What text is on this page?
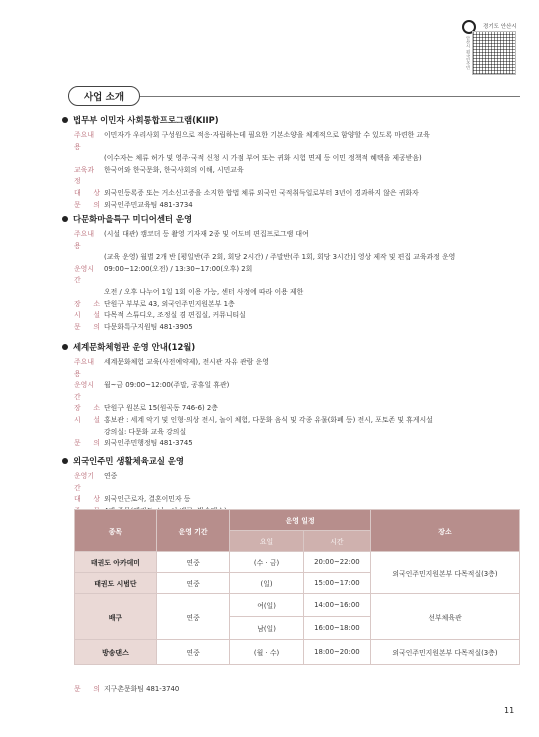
안산시 외국인주민
경기도 안산시
사업 소개
법무부 이민자 사회통합프로그램(KIIP)
주요내용
이민자가 우리사회 구성원으로 적응·자립하는데 필요한 기본소양을 체계적으로 함양할 수 있도록 마련한 교육
(이수자는 체류 허가 및 영주·국적 신청 시 가점 부여 또는 귀화 시험 면제 등 이민 정책적 혜택을 제공받음)
교육과정
한국어와 한국문화, 한국사회의 이해, 시민교육
대 상 외국인등록증 또는 거소신고증을 소지한 합법 체류 외국인 국적취득일로부터 3년이 경과하지 않은 귀화자
문 의 외국인주민교육팀 481-3734
다문화마을특구 미디어센터 운영
주요내용
(시설 대관) 캠코더 등 촬영 기자재 2종 및 어도비 편집프로그램 대여
(교육 운영) 월별 2개 반 [평일반(주 2회, 회당 2시간) / 주말반(주 1회, 회당 3시간)] 영상 제작 및 편집 교육과정 운영
운영시간
09:00~12:00(오전) / 13:30~17:00(오후) 2회
오전 / 오후 나누어 1일 1회 이용 가능, 센터 사정에 따라 이용 제한
장 소 단원구 부부로 43, 외국인주민지원본부 1층
시 설 다목적 스튜디오, 조정실 겸 편집실, 커뮤니티실
문 의 다문화특구지원팀 481-3905
세계문화체험관 운영 안내(12월)
주요내용
세계문화체험 교육(사전예약제), 전시관 자유 관람 운영
운영시간
월~금 09:00~12:00(주말, 공휴일 휴관)
장 소 단원구 원본로 15(원곡동 746-6) 2층
시 설 홍보관 : 세계 악기 및 인형·의상 전시, 놀이 체험, 다문화 음식 및 각종 유물(화폐 등) 전시, 포토존 및 휴게시설
강의실: 다문화 교육 강의실
문 의 외국인주민행정팀 481-3745
외국인주민 생활체육교실 운영
운영기간
연중
대 상 외국인근로자, 결혼이민자 등
종목	운영 기간	운영 일정		장소
		요일	시간	
태권도 아카데미	연중	(수 · 금)	20:00~22:00	외국인주민지원본부 다목적실(3층)
태권도 시범단	연중	(일)	15:00~17:00	
배구	연중	여(일)	14:00~16:00	선부체육관
		남(일)	16:00~18:00	
방송댄스	연중	(월 · 수)	18:00~20:00	외국인주민지원본부 다목적실(3층)
문 의 지구촌문화팀 481-3740
11
